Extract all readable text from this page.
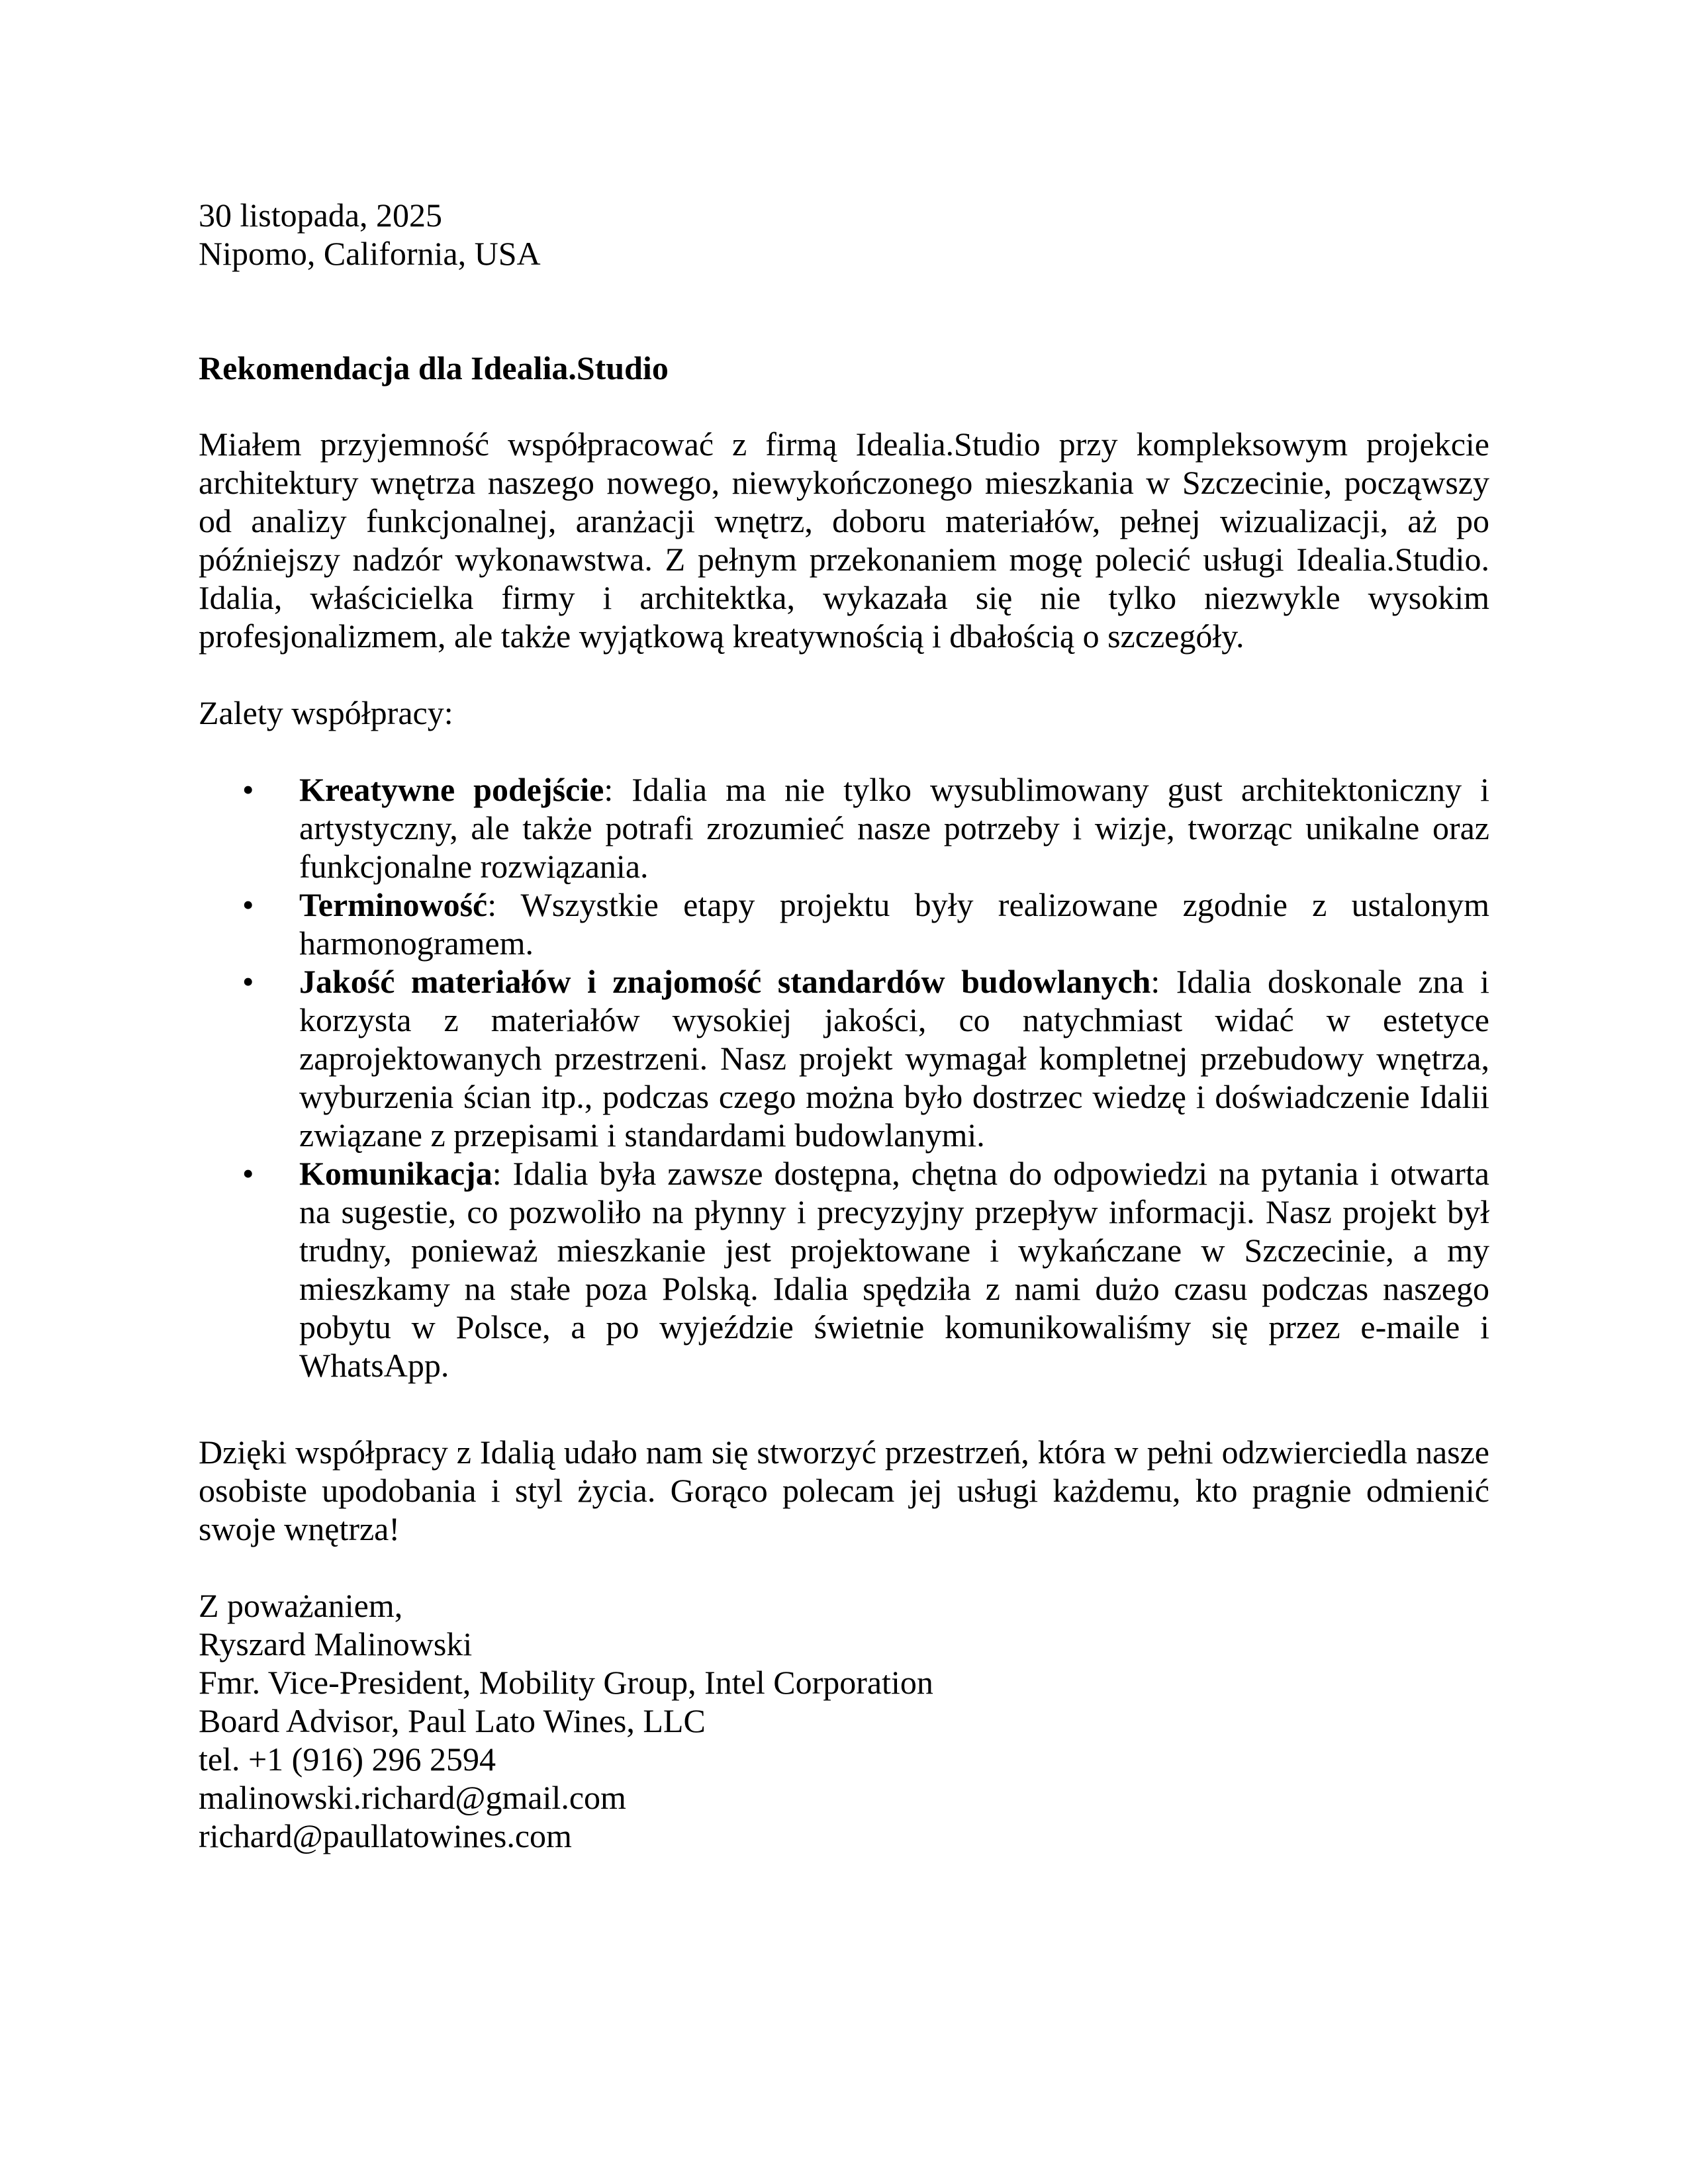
30 listopada, 2025
Nipomo, California, USA
Rekomendacja dla Idealia.Studio

Miałem przyjemność współpracować z firmą Idealia.Studio przy kompleksowym projekcie architektury wnętrza naszego nowego, niewykończonego mieszkania w Szczecinie, począwszy od analizy funkcjonalnej, aranżacji wnętrz, doboru materiałów, pełnej wizualizacji, aż po późniejszy nadzór wykonawstwa. Z pełnym przekonaniem mogę polecić usługi Idealia.Studio. Idalia, właścicielka firmy i architektka, wykazała się nie tylko niezwykle wysokim profesjonalizmem, ale także wyjątkową kreatywnością i dbałością o szczegóły.

Zalety współpracy:

• Kreatywne podejście: Idalia ma nie tylko wysublimowany gust architektoniczny i artystyczny, ale także potrafi zrozumieć nasze potrzeby i wizje, tworząc unikalne oraz funkcjonalne rozwiązania.
• Terminowość: Wszystkie etapy projektu były realizowane zgodnie z ustalonym harmonogramem.
• Jakość materiałów i znajomość standardów budowlanych: Idalia doskonale zna i korzysta z materiałów wysokiej jakości, co natychmiast widać w estetyce zaprojektowanych przestrzeni. Nasz projekt wymagał kompletnej przebudowy wnętrza, wyburzenia ścian itp., podczas czego można było dostrzec wiedzę i doświadczenie Idalii związane z przepisami i standardami budowlanymi.
• Komunikacja: Idalia była zawsze dostępna, chętna do odpowiedzi na pytania i otwarta na sugestie, co pozwoliło na płynny i precyzyjny przepływ informacji. Nasz projekt był trudny, ponieważ mieszkanie jest projektowane i wykańczane w Szczecinie, a my mieszkamy na stałe poza Polską. Idalia spędziła z nami dużo czasu podczas naszego pobytu w Polsce, a po wyjeździe świetnie komunikowaliśmy się przez e-maile i WhatsApp.

Dzięki współpracy z Idalią udało nam się stworzyć przestrzeń, która w pełni odzwierciedla nasze osobiste upodobania i styl życia. Gorąco polecam jej usługi każdemu, kto pragnie odmienić swoje wnętrza!

Z poważaniem,
Ryszard Malinowski
Fmr. Vice-President, Mobility Group, Intel Corporation
Board Advisor, Paul Lato Wines, LLC
tel. +1 (916) 296 2594
malinowski.richard@gmail.com
richard@paullatowines.com
